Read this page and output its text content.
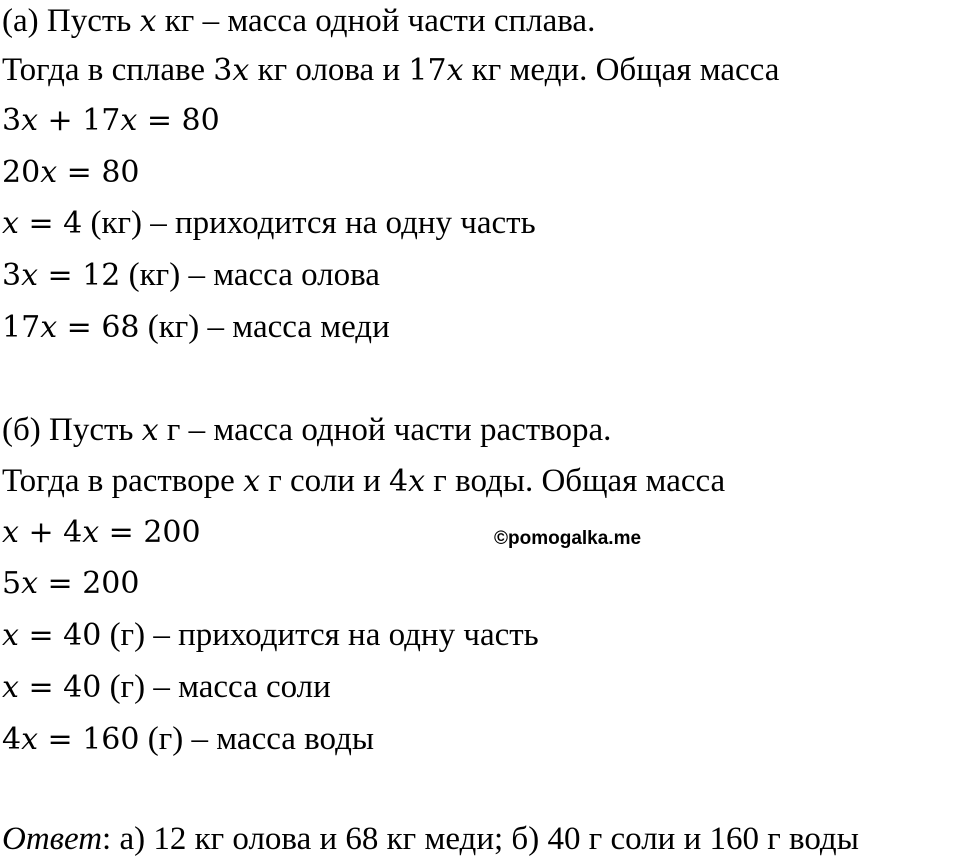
(а) Пусть x кг – масса одной части сплава.
Тогда в сплаве 3x кг олова и 17x кг меди. Общая масса
3x + 17x = 80
20x = 80
x = 4 (кг) – приходится на одну часть
3x = 12 (кг) – масса олова
17x = 68 (кг) – масса меди
(б) Пусть x г – масса одной части раствора.
Тогда в растворе x г соли и 4x г воды. Общая масса
x + 4x = 200
5x = 200
x = 40 (г) – приходится на одну часть
x = 40 (г) – масса соли
4x = 160 (г) – масса воды
©pomogalka.me
Ответ: а) 12 кг олова и 68 кг меди; б) 40 г соли и 160 г воды
